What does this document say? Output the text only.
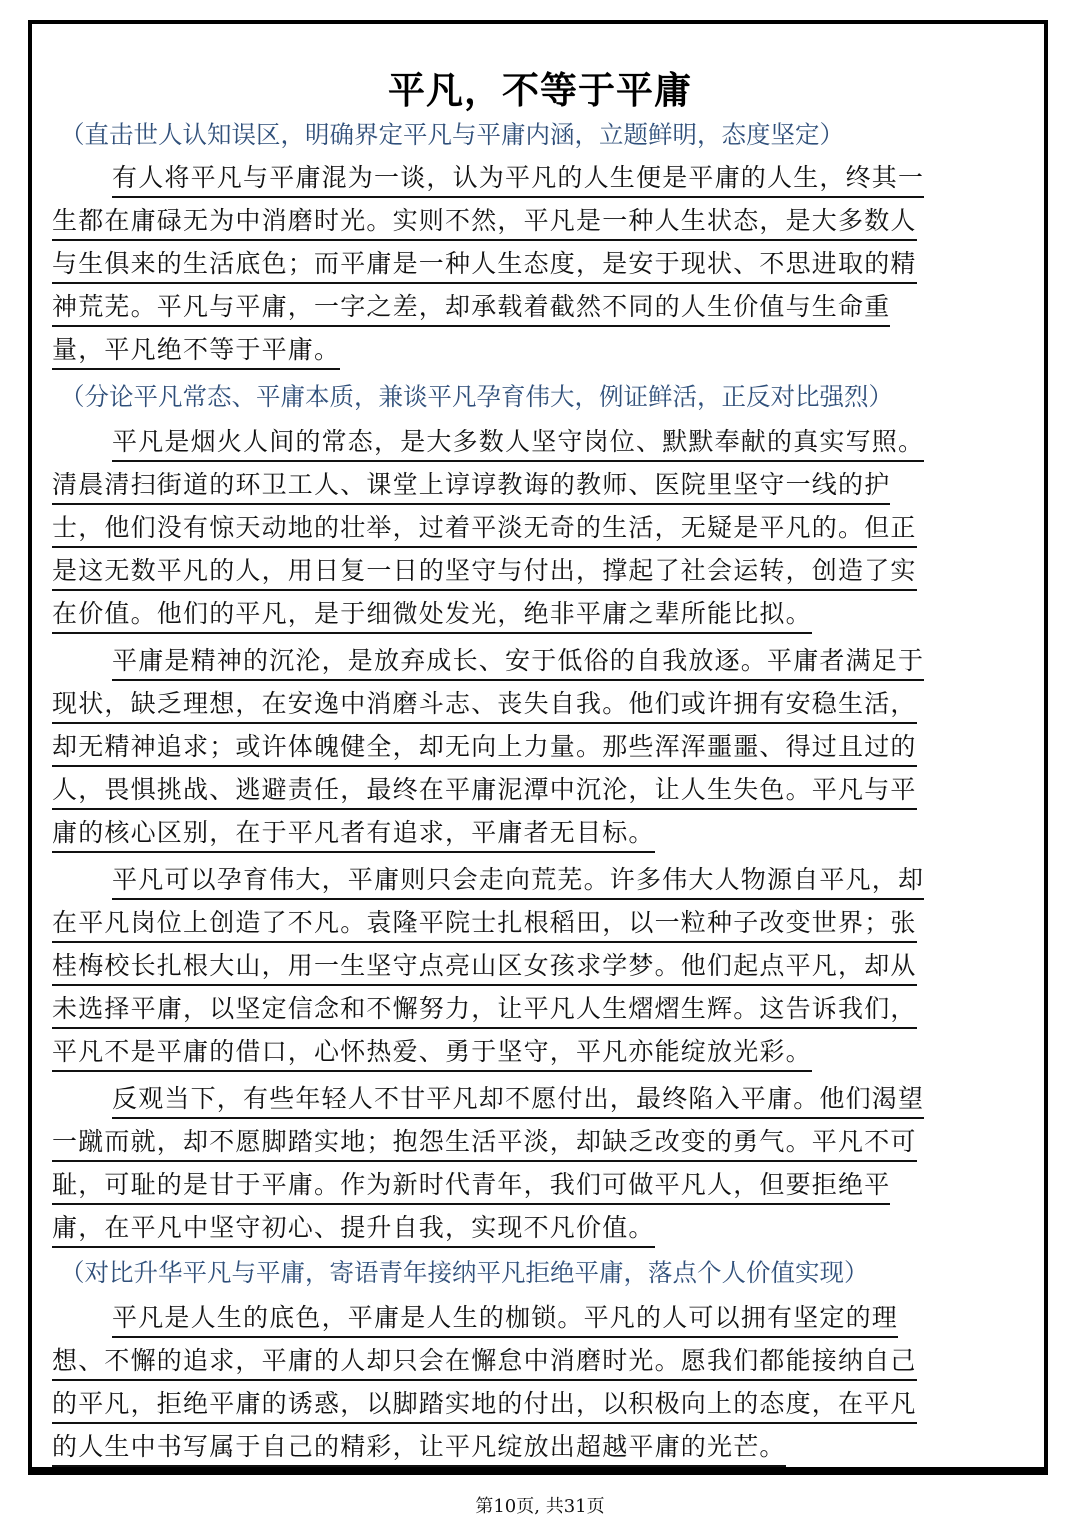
平凡，不等于平庸
（直击世人认知误区，明确界定平凡与平庸内涵，立题鲜明，态度坚定）
有人将平凡与平庸混为一谈，认为平凡的人生便是平庸的人生，终其一
生都在庸碌无为中消磨时光。实则不然，平凡是一种人生状态，是大多数人
与生俱来的生活底色；而平庸是一种人生态度，是安于现状、不思进取的精
神荒芜。平凡与平庸，一字之差，却承载着截然不同的人生价值与生命重
量，平凡绝不等于平庸。
（分论平凡常态、平庸本质，兼谈平凡孕育伟大，例证鲜活，正反对比强烈）
平凡是烟火人间的常态，是大多数人坚守岗位、默默奉献的真实写照。
清晨清扫街道的环卫工人、课堂上谆谆教诲的教师、医院里坚守一线的护
士，他们没有惊天动地的壮举，过着平淡无奇的生活，无疑是平凡的。但正
是这无数平凡的人，用日复一日的坚守与付出，撑起了社会运转，创造了实
在价值。他们的平凡，是于细微处发光，绝非平庸之辈所能比拟。
平庸是精神的沉沦，是放弃成长、安于低俗的自我放逐。平庸者满足于
现状，缺乏理想，在安逸中消磨斗志、丧失自我。他们或许拥有安稳生活，
却无精神追求；或许体魄健全，却无向上力量。那些浑浑噩噩、得过且过的
人，畏惧挑战、逃避责任，最终在平庸泥潭中沉沦，让人生失色。平凡与平
庸的核心区别，在于平凡者有追求，平庸者无目标。
平凡可以孕育伟大，平庸则只会走向荒芜。许多伟大人物源自平凡，却
在平凡岗位上创造了不凡。袁隆平院士扎根稻田，以一粒种子改变世界；张
桂梅校长扎根大山，用一生坚守点亮山区女孩求学梦。他们起点平凡，却从
未选择平庸，以坚定信念和不懈努力，让平凡人生熠熠生辉。这告诉我们，
平凡不是平庸的借口，心怀热爱、勇于坚守，平凡亦能绽放光彩。
反观当下，有些年轻人不甘平凡却不愿付出，最终陷入平庸。他们渴望
一蹴而就，却不愿脚踏实地；抱怨生活平淡，却缺乏改变的勇气。平凡不可
耻，可耻的是甘于平庸。作为新时代青年，我们可做平凡人，但要拒绝平
庸，在平凡中坚守初心、提升自我，实现不凡价值。
（对比升华平凡与平庸，寄语青年接纳平凡拒绝平庸，落点个人价值实现）
平凡是人生的底色，平庸是人生的枷锁。平凡的人可以拥有坚定的理
想、不懈的追求，平庸的人却只会在懈怠中消磨时光。愿我们都能接纳自己
的平凡，拒绝平庸的诱惑，以脚踏实地的付出，以积极向上的态度，在平凡
的人生中书写属于自己的精彩，让平凡绽放出超越平庸的光芒。
第10页, 共31页
